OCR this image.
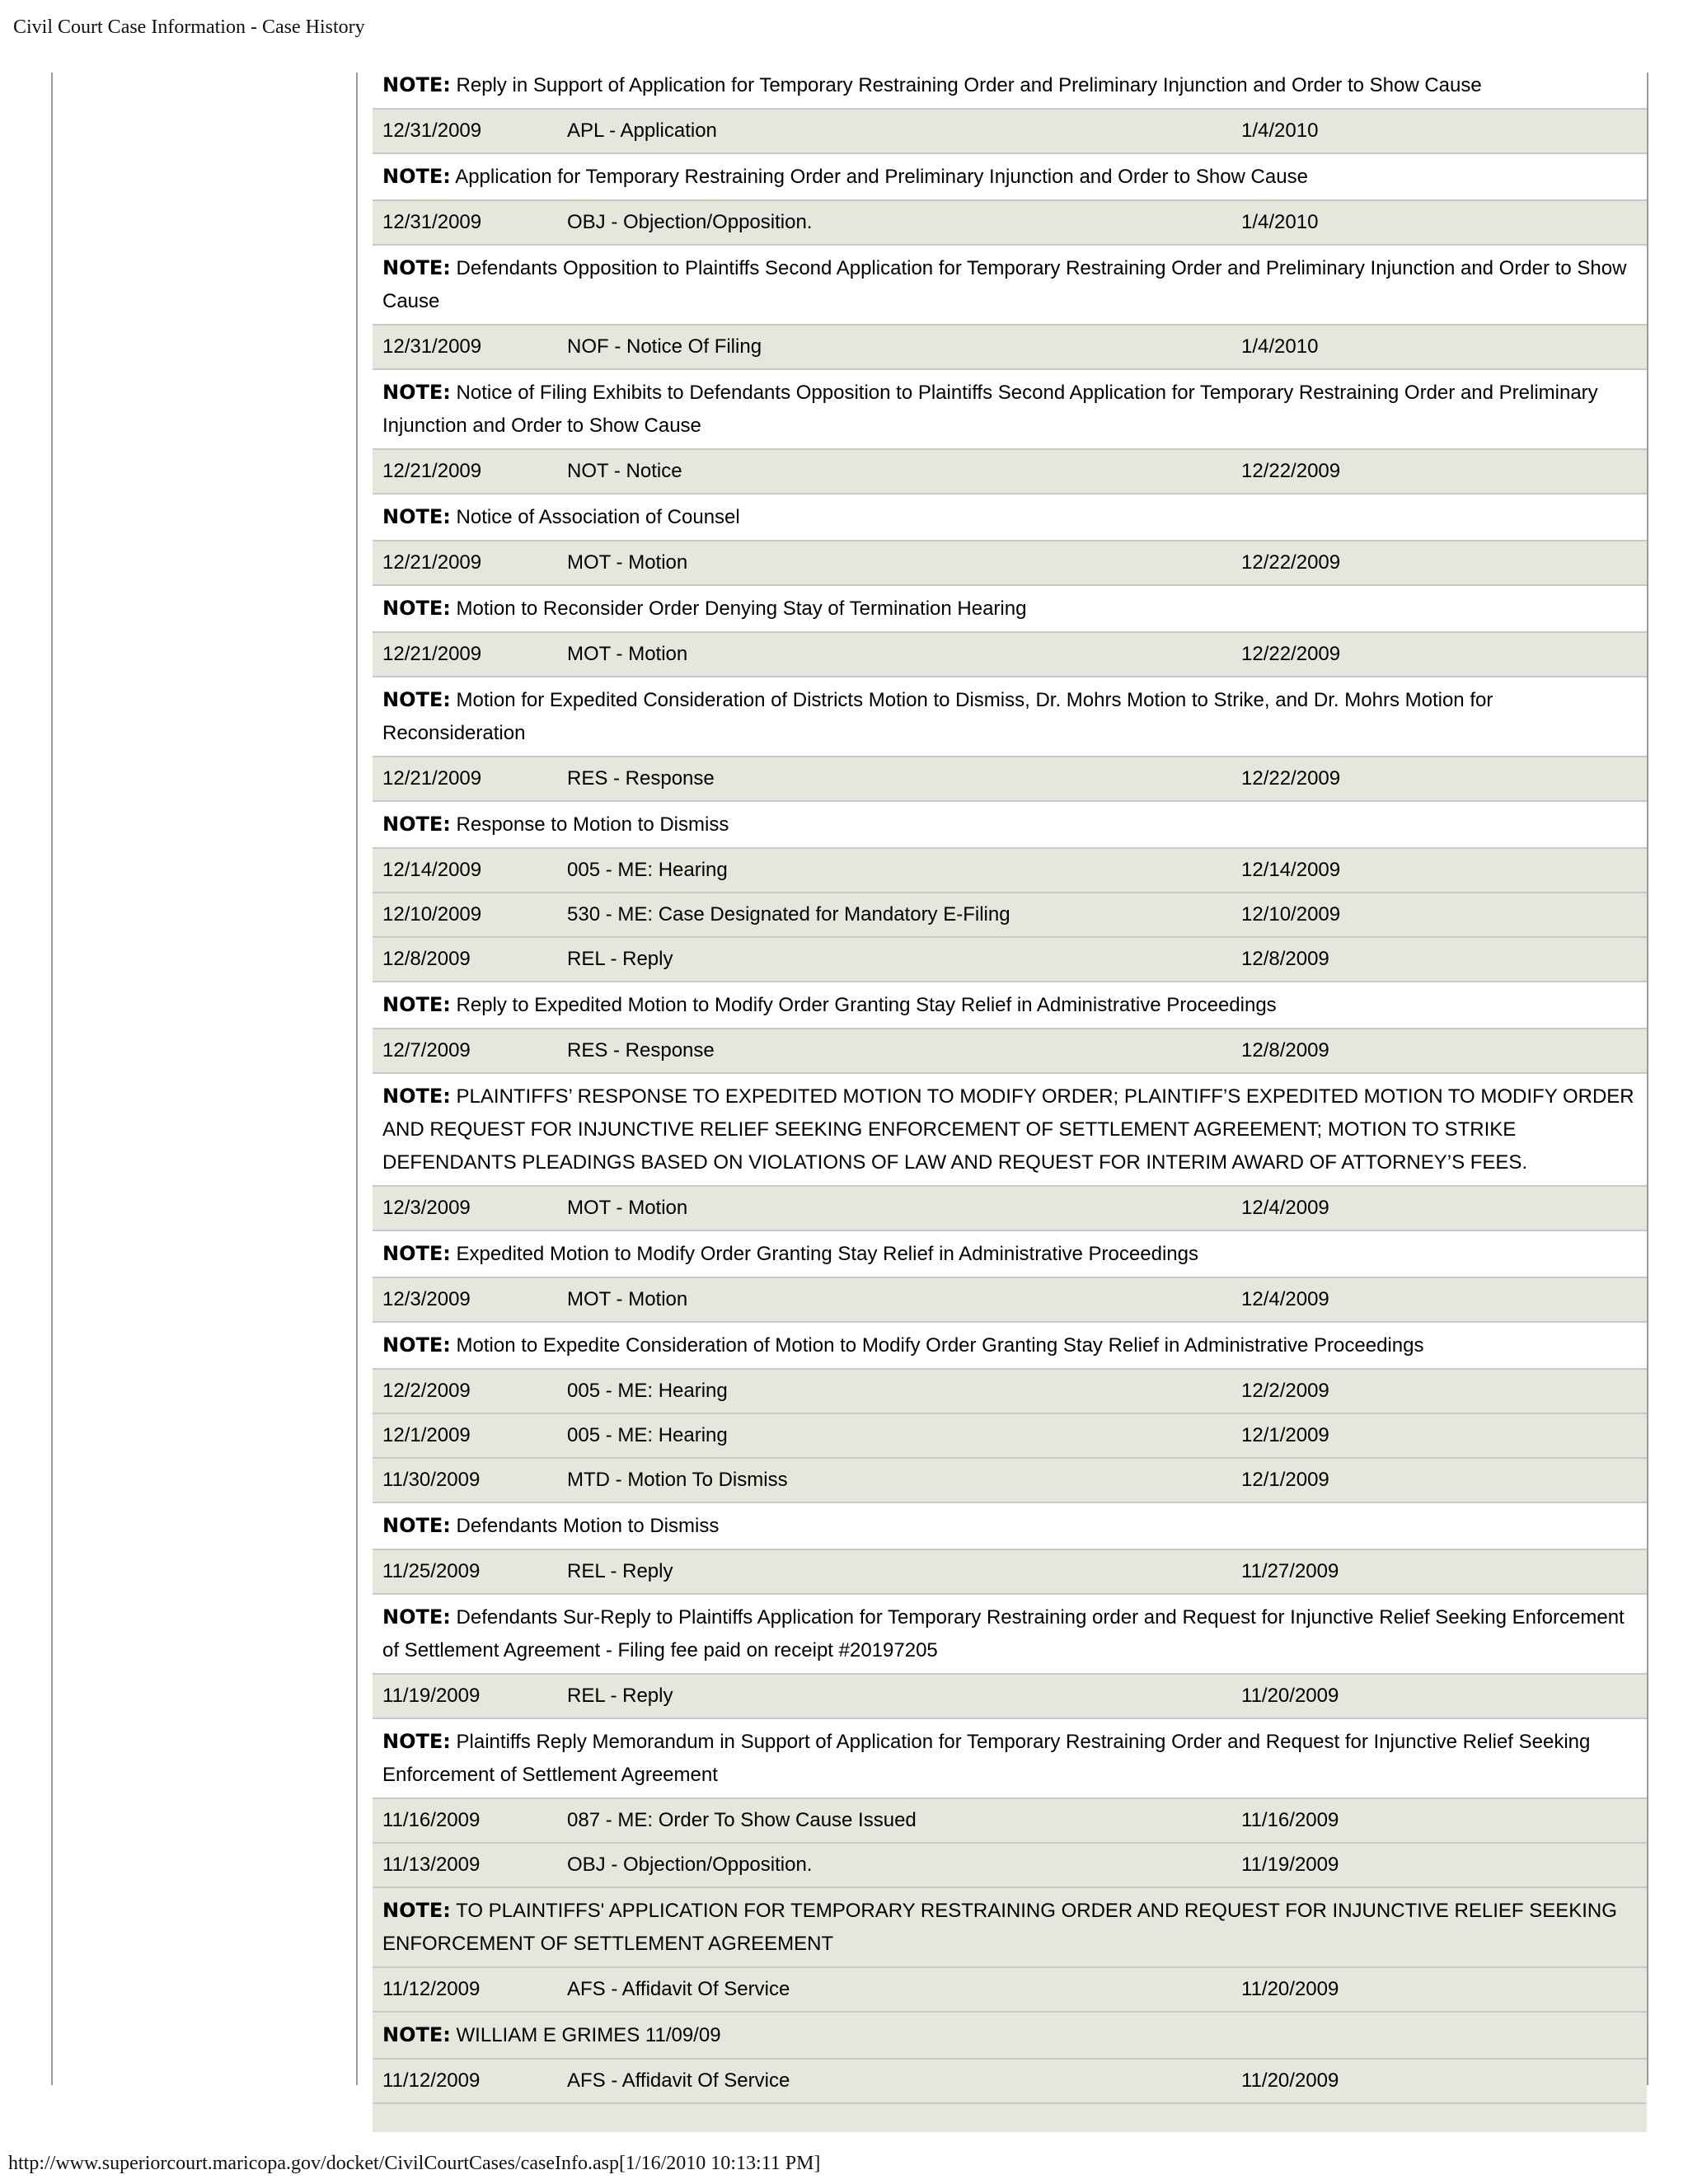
Civil Court Case Information - Case History
NOTE: Reply in Support of Application for Temporary Restraining Order and Preliminary Injunction and Order to Show Cause
12/31/2009	APL - Application	1/4/2010
NOTE: Application for Temporary Restraining Order and Preliminary Injunction and Order to Show Cause
12/31/2009	OBJ - Objection/Opposition.	1/4/2010
NOTE: Defendants Opposition to Plaintiffs Second Application for Temporary Restraining Order and Preliminary Injunction and Order to Show Cause
12/31/2009	NOF - Notice Of Filing	1/4/2010
NOTE: Notice of Filing Exhibits to Defendants Opposition to Plaintiffs Second Application for Temporary Restraining Order and Preliminary Injunction and Order to Show Cause
12/21/2009	NOT - Notice	12/22/2009
NOTE: Notice of Association of Counsel
12/21/2009	MOT - Motion	12/22/2009
NOTE: Motion to Reconsider Order Denying Stay of Termination Hearing
12/21/2009	MOT - Motion	12/22/2009
NOTE: Motion for Expedited Consideration of Districts Motion to Dismiss, Dr. Mohrs Motion to Strike, and Dr. Mohrs Motion for Reconsideration
12/21/2009	RES - Response	12/22/2009
NOTE: Response to Motion to Dismiss
12/14/2009	005 - ME: Hearing	12/14/2009
12/10/2009	530 - ME: Case Designated for Mandatory E-Filing	12/10/2009
12/8/2009	REL - Reply	12/8/2009
NOTE: Reply to Expedited Motion to Modify Order Granting Stay Relief in Administrative Proceedings
12/7/2009	RES - Response	12/8/2009
NOTE: PLAINTIFFS’ RESPONSE TO EXPEDITED MOTION TO MODIFY ORDER; PLAINTIFF’S EXPEDITED MOTION TO MODIFY ORDER AND REQUEST FOR INJUNCTIVE RELIEF SEEKING ENFORCEMENT OF SETTLEMENT AGREEMENT; MOTION TO STRIKE DEFENDANTS PLEADINGS BASED ON VIOLATIONS OF LAW AND REQUEST FOR INTERIM AWARD OF ATTORNEY’S FEES.
12/3/2009	MOT - Motion	12/4/2009
NOTE: Expedited Motion to Modify Order Granting Stay Relief in Administrative Proceedings
12/3/2009	MOT - Motion	12/4/2009
NOTE: Motion to Expedite Consideration of Motion to Modify Order Granting Stay Relief in Administrative Proceedings
12/2/2009	005 - ME: Hearing	12/2/2009
12/1/2009	005 - ME: Hearing	12/1/2009
11/30/2009	MTD - Motion To Dismiss	12/1/2009
NOTE: Defendants Motion to Dismiss
11/25/2009	REL - Reply	11/27/2009
NOTE: Defendants Sur-Reply to Plaintiffs Application for Temporary Restraining order and Request for Injunctive Relief Seeking Enforcement of Settlement Agreement - Filing fee paid on receipt #20197205
11/19/2009	REL - Reply	11/20/2009
NOTE: Plaintiffs Reply Memorandum in Support of Application for Temporary Restraining Order and Request for Injunctive Relief Seeking Enforcement of Settlement Agreement
11/16/2009	087 - ME: Order To Show Cause Issued	11/16/2009
11/13/2009	OBJ - Objection/Opposition.	11/19/2009
NOTE: TO PLAINTIFFS' APPLICATION FOR TEMPORARY RESTRAINING ORDER AND REQUEST FOR INJUNCTIVE RELIEF SEEKING ENFORCEMENT OF SETTLEMENT AGREEMENT
11/12/2009	AFS - Affidavit Of Service	11/20/2009
NOTE: WILLIAM E GRIMES 11/09/09
11/12/2009	AFS - Affidavit Of Service	11/20/2009
http://www.superiorcourt.maricopa.gov/docket/CivilCourtCases/caseInfo.asp[1/16/2010 10:13:11 PM]
